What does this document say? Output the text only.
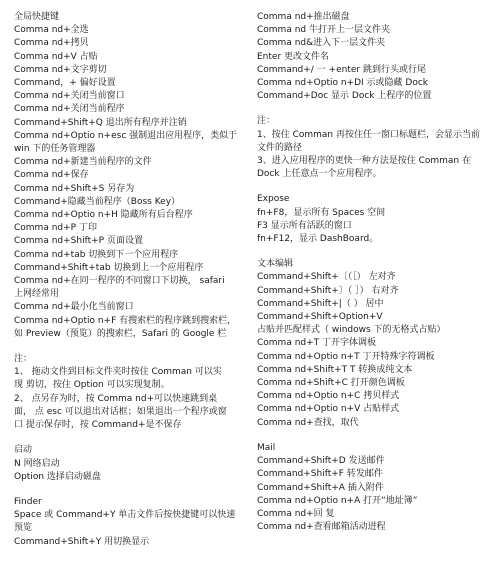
全局快捷键
Comma nd+全选
Comma nd+拷贝
Comma nd+V 占贴
Comma nd+文字剪切
Command，+ 偏好设置
Comma nd+关闭当前窗口
Comma nd+关闭当前程序
Command+Shift+Q 退出所有程序并注销
Comma nd+Optio n+esc 强制退出应用程序，类似于
win 下的任务管理器
Comma nd+新建当前程序的文件
Comma nd+保存
Comma nd+Shift+S 另存为
Command+隐藏当前程序（Boss Key）
Comma nd+Optio n+H 隐藏所有后台程序
Comma nd+P 丁印
Comma nd+Shift+P 页面设置
Comma nd+tab 切换到下一个应用程序
Command+Shift+tab 切换到上一个应用程序
Comma nd+在同一程序的不同窗口下切换， safari
上网经常用
Comma nd+最小化当前窗口
Comma nd+Optio n+F 有搜索栏的程序跳到搜索栏，
如 Preview（预览）的搜索栏，Safari 的 Google 栏
注：
1、 拖动文件到目标文件夹时按住 Comman 可以实
现 剪切，按住 Option 可以实现复制。
2、 点另存为时，按 Comma nd+可以快速跳到桌
面， 点 esc 可以退出对话框；如果退出一个程序或窗
口 提示保存时，按 Command+是不保存
启动
N 网络启动
Option 选择启动磁盘
Finder
Space 或 Command+Y 单击文件后按快捷键可以快速
预览
Command+Shift+Y 用切换显示
Comma nd+推出磁盘
Comma nd 牛打开上一层文件夹
Comma nd&进入下一层文件夹
Enter 更改文件名
Command+/ 一 +enter 跳到行头或行尾
Comma nd+Optio n+DI 示或隐藏 Dock
Command+Doc 显示 Dock 上程序的位置
注：
1、按住 Comman 再按住任一窗口标题栏，会显示当前
文件的路径
3、进入应用程序的更快一种方法是按住 Comman 在
Dock 上任意点一个应用程序。
Expose
fn+F8，显示所有 Spaces 空间
F3 显示所有活跃的窗口
fn+F12，显示 DashBoard。
文本编辑
Command+Shift+〔（［） 左对齐
Command+Shift+〕（ ］） 右对齐
Command+Shift+|（ ） 居中
Command+Shift+Option+V
占贴并匹配样式（ windows 下的无格式占贴）
Comma nd+T 丁开字体调板
Comma nd+Optio n+T 丁开特殊字符调板
Comma nd+Shift+T T 转换成纯文本
Comma nd+Shift+C 打开颜色调板
Comma nd+Optio n+C 拷贝样式
Comma nd+Optio n+V 占贴样式
Comma nd+查找，取代
Mail
Command+Shift+D 发送邮件
Command+Shift+F 转发邮件
Command+Shift+A 插入附件
Comma nd+Optio n+A 打开“地址簿”
Comma nd+回 复
Comma nd+查看邮箱活动进程
